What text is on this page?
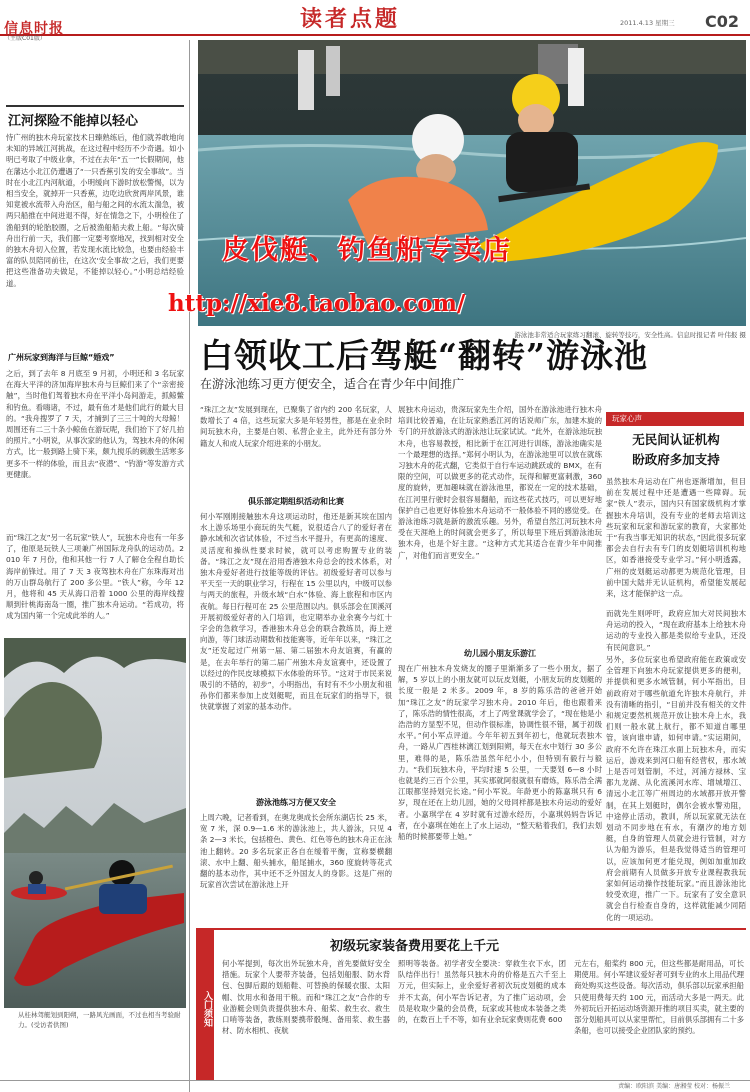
信息时报
（主版C01版）
读者点题	2011.4.13 星期三 C02
江河探险不能掉以轻心
恃广州的独木舟玩家技术日臻熟练后，他们就养敢地向未知的异域江河挑战，在这过程中经历不少奇遇。如小明已考取了中级业拿，不过在去年“五一”长假期间，他在藩达小北江仍遭遇了“一只香蕉引发的安全事故”。当时在小北江内河航道，小明缓向下游时放松警惕，以为相当安全，就掉开一只香蕉，边吃边欣赏两岸风景，谁知竟被水流带入舟治区，船与船之间的水流太湍急，被两只船推在中间进退不得，好在情急之下，小明检住了渔船到的轮胎胶圈，之后被渔船船夫救上船。“每次骑舟出行前一天，我们都一定要考察地况，找到相对安全的独木舟切入位置，若发现水流比较急，也要由经验丰富的队员陪同前往，在这次‘安全事故’之后，我们更要把这些准备功夫做足，不能掉以轻心。”小明总结经验道。
广州玩家到海洋与巨鲸“婚戏”
之后，到了去年 8 月底至 9 月初，小明还和 3 名玩家在海大平洋的济加海岸独木舟与巨鲸们来了个“亲密接触”，当时他们驾着独木舟在平洋小岛间游走，抓鲸鳖和钓鱼。看嗨诸，不过，最有鱼才是他们此行的最大目的。“我舟搜罗了 7 天，才捕到了三三十吨的大母鲸！周围还有二三十条小鲸鱼在游玩呢，我们抬下了好几拍的照片。”小明说，从事次家的他认为，驾独木舟的休闲方式，比一般到路上骑下来，颇九搅乐的刺激生活寒多更多不一样的体验，而且去“夜潜”、“钓游”等发游方式更健康。
而“珠江之友”另一名玩家“铁人”，玩独木舟也有一年多了，他原是玩铁人三项兼广州国际龙舟队的运动员。2010 年 7 月份，他和其他一行 7 人了解仓全程自助长海岸前锋过。用了 7 天 3 夜驾独木舟在广东珠海对出的万山群岛航行了 200 多公里。“铁人”称，今年 12 月，他将和 45 天从海口沿着 1000 公里的海岸线搜顺到针桃海南岛一圈，推广独木舟运动。“若成功，将成为国内第一个完成此举的人。”
从桂林驾艇划到阳朔，一路风光画面，不过也相当考验耐力。(受访者供图)
游泳池非常适合玩家练习翻滚、旋转等技巧，安全性高。信息时报记者 叶伟报 摄
皮伐艇、钓鱼船专卖店
http://xie8.taobao.com/
白领收工后驾艇“翻转”游泳池
在游泳池练习更方便安全，适合在青少年中间推广
“珠江之友”发展到现在，已聚集了省内约 200 名玩家，人数增长了 4 倍，这些玩家大多是年轻男性，都是在业余时间玩独木舟，主要是白领、私营企业主，此外还有部分外籍友人和成人玩家介绍进来的小朋友。
俱乐部定期组织活动和比赛
何小军刚刚接触独木舟这项运动时，他还是新其埃在国内水上游乐场里小商玩的失气艇，说很适合八了的爱好者在静水域和次省试体验，不过当水平提升，有更高的速度、灵活度和操纵性要求时候，就可以考虑购置专业的装备。“珠江之友”现在沿用香港独木舟总会的技术体系，对独木舟爱好者进行技能等级的评估。初级爱好者可以参与平天至一天的职业学习，行程在 15 公里以内，中级可以参与两天的旅程，升级水域“白水”体验、海上旅程和市区内夜航。每日行程可在 25 公里范围以内。俱乐部会在顶溪河开展初级爱好者的入门培训，也定期举办业余赛今与红十字会的急救学习，香港独木舟总会的联合教练员，海上逆向游，等门球活动期数和技能赛等，近年年以来，“珠江之友”还发起过广州第一届、第二届独木舟友谊赛，有赢的是，在去年举行的第二届广州独木舟友谊赛中，还设置了以经过的作民皮球模拟下水体验的环节。“这对于市民来说吸引的不错的，初步”，小明指出，有时有不少小朋友和祖孙你们都来参加上皮划艇呢，而且在玩家们的指导下，很快就掌握了刘家的基本动作。
游泳池练习方便又安全
上周六晚，记者看到，在奥龙奥成长会所东湖店长 25 米，宽 7 米，深 0.9—1.6 米的游泳池上，共人游泳，只见 4 条 2—3 米长，包括橙色、黄色、红色等色的独木舟正在泳池上翻转。20 多名玩家正各自在缓着平衡，宣称要横翻滚、水中上翻、船头捕水，船尾捕水，360 度旋转等花式翻的基本动作，其中还不乏外国友人的身影。这是广州的玩家首次尝试在游泳池上开
展独木舟运动，贵深玩家先生介绍，国外在游泳池进行独木舟培训比较普遍，在让玩家熟悉江河的话说师广东，加建木旋的专门的开放游泳式的游泳池让玩家试试。“此外，在游泳池玩独木舟，也容易教授，相比新于在江河进行训练，游泳池确实是一个最理想的选择。”郑何小明认为，在游泳池里可以放在就练习独木舟的花式翻，它类似于自行车运动跳跃或的 BMX，在有限的空间，可以做更多的花式动作，玩得和解更富刺激，360 度的旋转，更加趣味就在游泳池里，都说在一定的技术基础，在江河里行驶时会很容易翻船，而这些花式技巧，可以更好地保护自己也更好体验独木舟运动不一般体验不同的感觉受。在游泳池练习就是新的激流乐趣。另外，希望自然江河玩独木舟受在天涯绝上的时间就会更多了，所以每里下班后到游泳池玩独木舟，也是个好主意。“这种方式尤其适合在青少年中间推广，对他们而言更安全。”
幼儿园小朋友乐游江
现在广州独木舟发烧友的圈子里渐渐多了一些小朋友，据了解，5 岁以上的小朋友就可以玩皮划艇，小朋友玩的皮划艇的长度一般是 2 米多。2009 年，8 岁的陈乐浩的爸爸开始加“珠江之友”的玩家学习独木舟。2010 年后，他也跟着来了，陈乐浩的情性很高，才上了两堂课就学会了，“现在他是小浩浩的方显型不见，但动作很标准，协调性很不错，属于初级水平。”何小军点评道。今年年初五到年初七，他就玩表独木舟，一路从广西桂林漓江划到阳朔，每天在水中划行 30 多公里，难得的是，陈乐浩虽然年纪小小，但特别有毅行与毅力。“我们玩独木舟，平均时速 5 公里，一天要划 6—8 小时也就是约三百个公里，其实那就阿很就很有磨炼，陈乐浩全满江眼都坚持划完长途。”何小军说。年龄更小的陈嘉琪只有 6 岁，现在还在上幼儿园，她的父母同样都是独木舟运动的爱好者。小嘉琪学在 4 岁时就有过游水经历，小嘉琪妈妈告诉记者，在小嘉琪在她在上了水上运动，“整天粘着我们，我们去划船的时候都要带上她。”
玩家心声
无民间认证机构
盼政府多加支持
虽然独木舟运动在广州也逐渐增加，但目前在发展过程中还是遭遇一些障碍。玩家“铁人”表示，国内只有国家级机构才掌握独木舟培训，没有专业的老师去培训这些玩家和玩家和游玩家的教育，大家都处于“有我当事无知识的状态，”因此很多玩家都会去自行去有专门的皮划艇培训机构地区，如香港接受专业学习。”何小明透露，广州的皮划艇运动都更为规范化管理，目前中国大陆并无认证机构，希望能发展起来，这才能保护这一点。
而就先生则呼吁，政府应加大对民间独木舟运动的投入，“现在政府基本上给独木舟运动的专业投入都是类似给专业队，还没有民间意识。”
另外，多位玩家也希望政府能在政策或安全管理下向独木舟玩家提供更多的便利，并提供和更多水域管制，何小军指出，目前政府对于哪些航道允许独木舟航行，并没有清晰的指引，“目前并没有相关的文件和规定要然机规范开放让独木舟上水，我们则一般水就上航行，都不知道自哪里管，该向谁申请，如何申请。”实运期间，政府不允许在珠江水面上玩独木舟，而实运后，游戏来到河口船有经营权，那水域上是否可划管制，不过，河涌方禄林、宝都九龙湖、从化流溪河水库、增城增江、清远小北江等广州周边的水域都开放开警制，在其上划艇时，偶尔会被水警劝阻，中途停止活动，教训，所以玩家就无法在划动不同步地在有水，有潮汐的地方划艇，自身的管理人员就会进行管制，对方认为船为游乐，但是我觉得适当的管理可以，应该加何更才能兑现，例如加重加政府会前期有人员做多开放专业课程教我玩家如何运动操作技能玩家。”而且游泳池比较受欢迎，推广一下。玩家有了安全意识就会自行检查自身的，这样就能减少同陌化的一项运动。
入门须知
初级玩家装备费用要花上千元
何小军提到，每次出外玩独木舟，首先要做好安全措施。玩家个人要带齐装备，包括划船服、防水背包、包脚后跟的划船鞋、可替换的保暖衣服、太阳帽、饮用水和备用干粮。而和“珠江之友”合作的专业游艇会则负责提供独木舟、船桨、救生衣、救生口哨等装备，教练则要携带骰绳、备用浆、救生器材、防水相机、夜航
照明等装备。初学者安全要决：穿救生衣下水，团队结伴出行！虽然每只独木舟的价格是五六千至上万元，但实际上，业余爱好者初次玩皮划艇的成本并不太高，何小军告诉记者，为了推广运动项，会员是收取少量的会员费，玩家或其他成本装备之类的，在数百上千不等，如有业余玩家费则花费 600
元左右，船桨约 800 元，但这些都是耐用品，可长期使用。何小军建议爱好者可到专业的水上用品代理商处购买这些设备。每次活动，俱乐部以玩家承担船只使用费每天约 100 元，而活动大多是一两天。此外初玩后开拓运动场资源开推的项目买卖，就主要的部分划船具可以从家里帮忙，目前俱乐部拥有二十多条船，也可以接受企业团队家的预约。
责编：欧阳滨 美编：唐湘莹 校对：杨振兰
